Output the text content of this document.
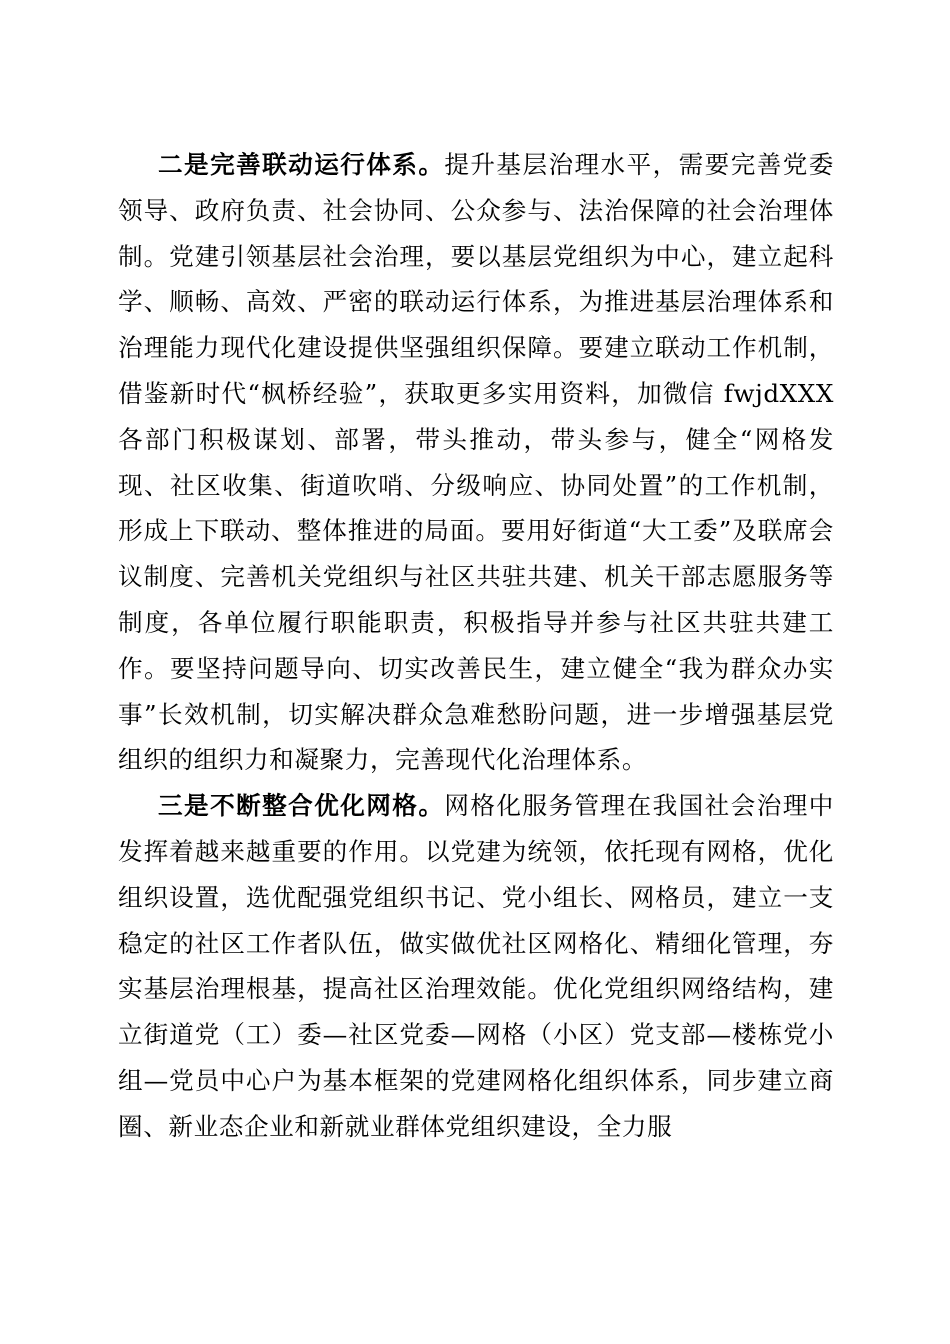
二是完善联动运行体系。提升基层治理水平，需要完善党委领导、政府负责、社会协同、公众参与、法治保障的社会治理体制。党建引领基层社会治理，要以基层党组织为中心，建立起科学、顺畅、高效、严密的联动运行体系，为推进基层治理体系和治理能力现代化建设提供坚强组织保障。要建立联动工作机制，借鉴新时代“枫桥经验”，获取更多实用资料，加微信 fwjdXXX 各部门积极谋划、部署，带头推动，带头参与，健全“网格发现、社区收集、街道吹哨、分级响应、协同处置”的工作机制，形成上下联动、整体推进的局面。要用好街道“大工委”及联席会议制度、完善机关党组织与社区共驻共建、机关干部志愿服务等制度，各单位履行职能职责，积极指导并参与社区共驻共建工作。要坚持问题导向、切实改善民生，建立健全“我为群众办实事”长效机制，切实解决群众急难愁盼问题，进一步增强基层党组织的组织力和凝聚力，完善现代化治理体系。

三是不断整合优化网格。网格化服务管理在我国社会治理中发挥着越来越重要的作用。以党建为统领，依托现有网格，优化组织设置，选优配强党组织书记、党小组长、网格员，建立一支稳定的社区工作者队伍，做实做优社区网格化、精细化管理，夯实基层治理根基，提高社区治理效能。优化党组织网络结构，建立街道党（工）委—社区党委—网格（小区）党支部—楼栋党小组—党员中心户为基本框架的党建网格化组织体系，同步建立商圈、新业态企业和新就业群体党组织建设，全力服
